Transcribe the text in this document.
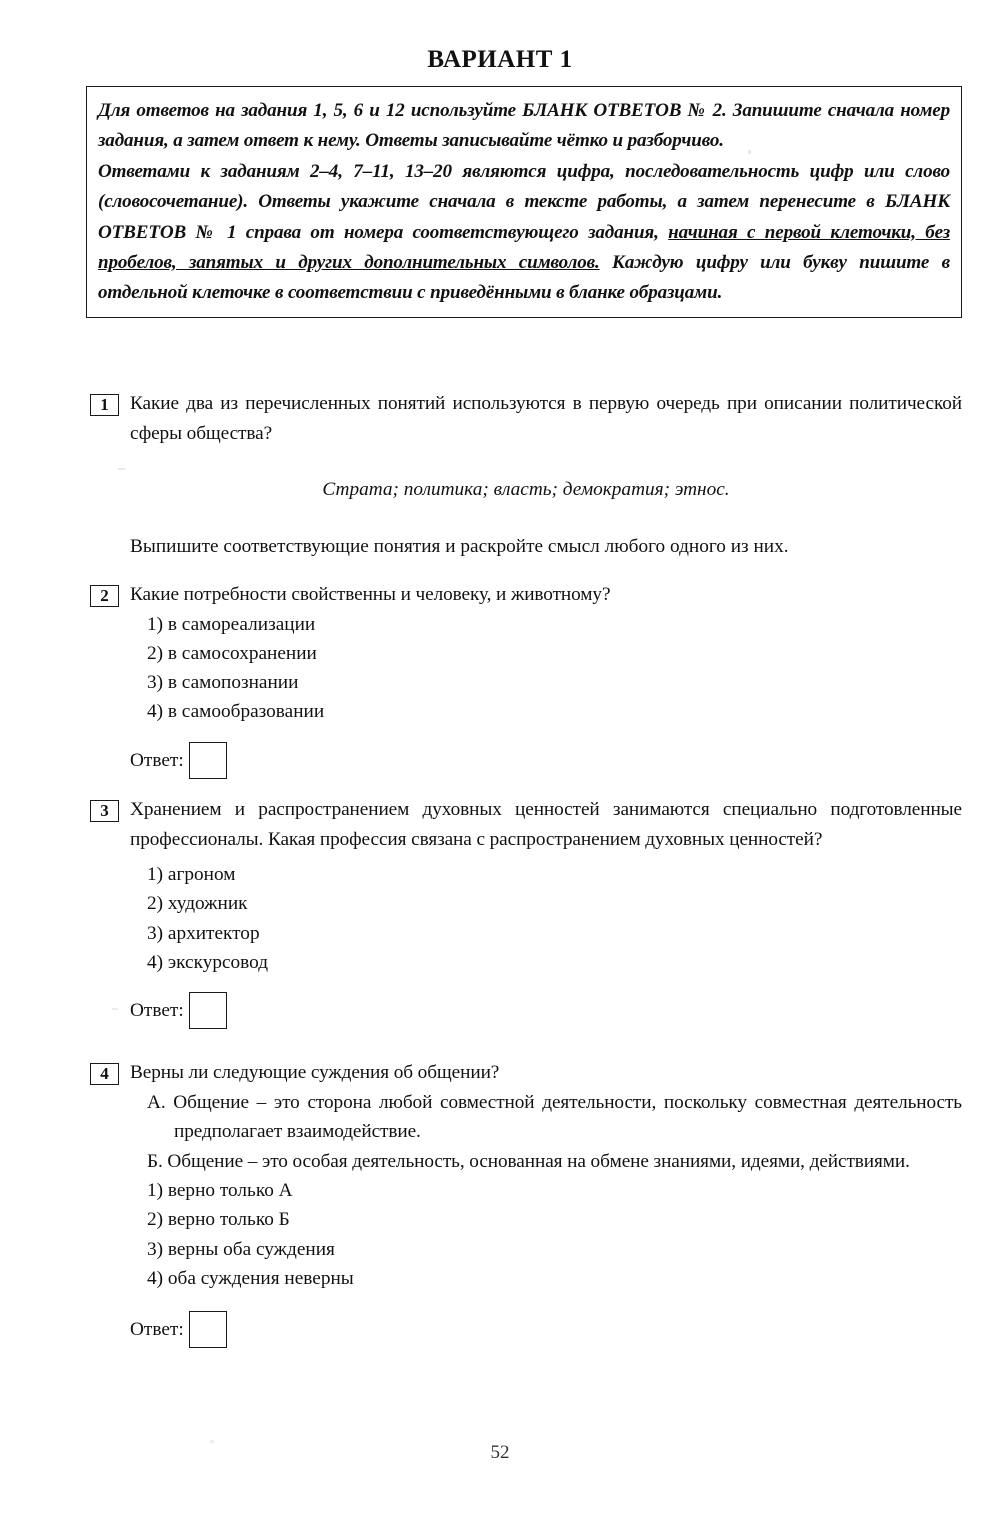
ВАРИАНТ 1

Для ответов на задания 1, 5, 6 и 12 используйте БЛАНК ОТВЕТОВ № 2. Запишите сначала номер задания, а затем ответ к нему. Ответы записывайте чётко и разборчиво.

Ответами к заданиям 2–4, 7–11, 13–20 являются цифра, последовательность цифр или слово (словосочетание). Ответы укажите сначала в тексте работы, а затем перенесите в БЛАНК ОТВЕТОВ № 1 справа от номера соответствующего задания, начиная с первой клеточки, без пробелов, запятых и других дополнительных символов. Каждую цифру или букву пишите в отдельной клеточке в соответствии с приведёнными в бланке образцами.

1	Какие два из перечисленных понятий используются в первую очередь при описании политической сферы общества?

Страта; политика; власть; демократия; этнос.

Выпишите соответствующие понятия и раскройте смысл любого одного из них.

2	Какие потребности свойственны и человеку, и животному?

1) в самореализации
2) в самосохранении
3) в самопознании
4) в самообразовании
Ответ:
3	Хранением и распространением духовных ценностей занимаются специально подготовленные профессионалы. Какая профессия связана с распространением духовных ценностей?

1) агроном
2) художник
3) архитектор
4) экскурсовод
Ответ:
4	Верны ли следующие суждения об общении?

А. Общение – это сторона любой совместной деятельности, поскольку совместная деятельность предполагает взаимодействие.
Б. Общение – это особая деятельность, основанная на обмене знаниями, идеями, действиями.
1) верно только А
2) верно только Б
3) верны оба суждения
4) оба суждения неверны
Ответ:
52
